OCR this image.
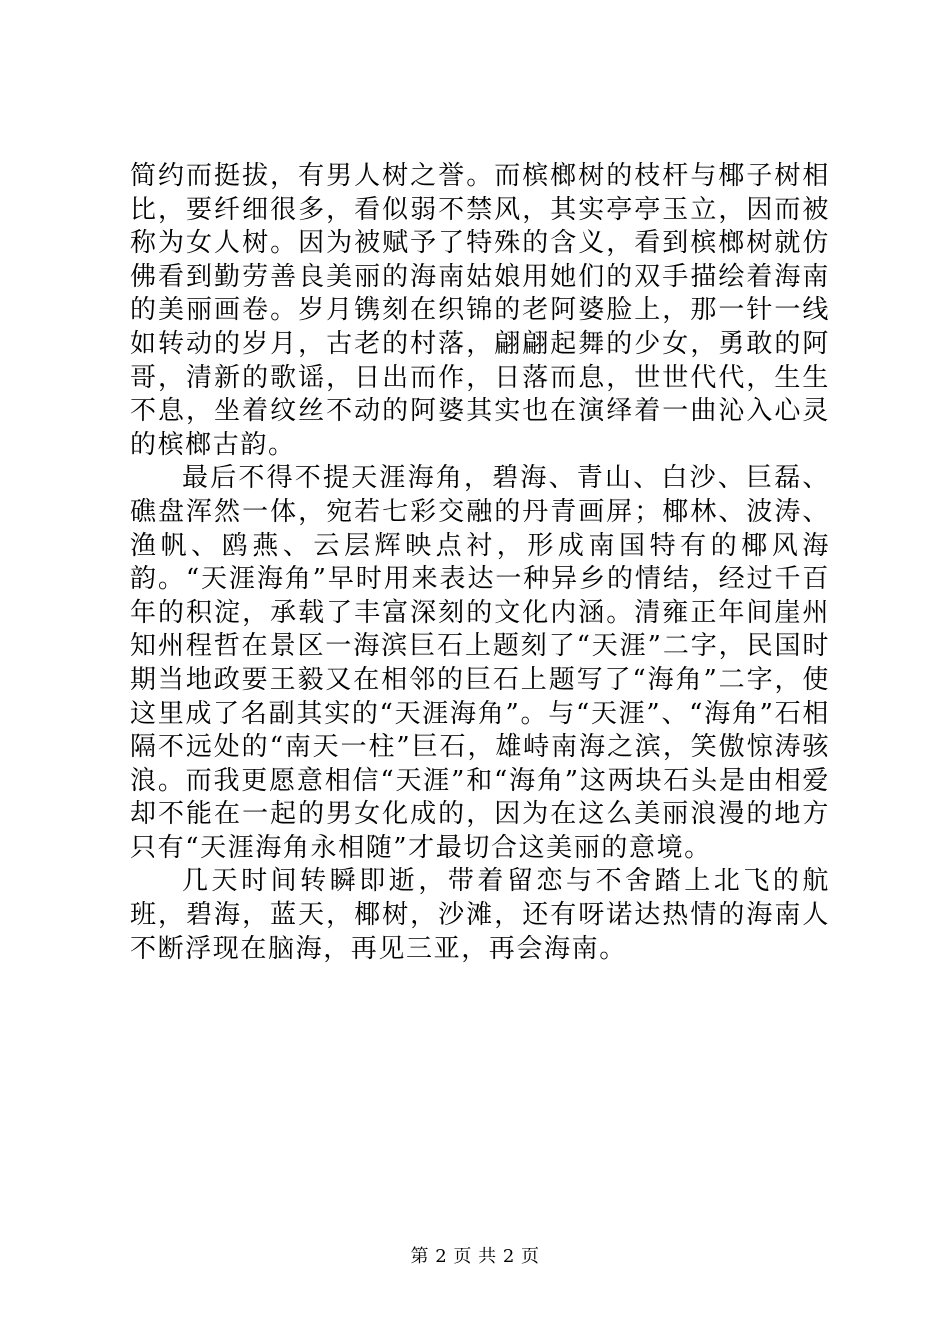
简约而挺拔，有男人树之誉。而槟榔树的枝杆与椰子树相比，要纤细很多，看似弱不禁风，其实亭亭玉立，因而被称为女人树。因为被赋予了特殊的含义，看到槟榔树就仿佛看到勤劳善良美丽的海南姑娘用她们的双手描绘着海南的美丽画卷。岁月镌刻在织锦的老阿婆脸上，那一针一线如转动的岁月，古老的村落，翩翩起舞的少女，勇敢的阿哥，清新的歌谣，日出而作，日落而息，世世代代，生生不息，坐着纹丝不动的阿婆其实也在演绎着一曲沁入心灵的槟榔古韵。

最后不得不提天涯海角，碧海、青山、白沙、巨磊、礁盘浑然一体，宛若七彩交融的丹青画屏；椰林、波涛、渔帆、鸥燕、云层辉映点衬，形成南国特有的椰风海韵。“天涯海角”早时用来表达一种异乡的情结，经过千百年的积淀，承载了丰富深刻的文化内涵。清雍正年间崖州知州程哲在景区一海滨巨石上题刻了“天涯”二字，民国时期当地政要王毅又在相邻的巨石上题写了“海角”二字，使这里成了名副其实的“天涯海角”。与“天涯”、“海角”石相隔不远处的“南天一柱”巨石，雄峙南海之滨，笑傲惊涛骇浪。而我更愿意相信“天涯”和“海角”这两块石头是由相爱却不能在一起的男女化成的，因为在这么美丽浪漫的地方只有“天涯海角永相随”才最切合这美丽的意境。

几天时间转瞬即逝，带着留恋与不舍踏上北飞的航班，碧海，蓝天，椰树，沙滩，还有呀诺达热情的海南人不断浮现在脑海，再见三亚，再会海南。

第 2 页 共 2 页
